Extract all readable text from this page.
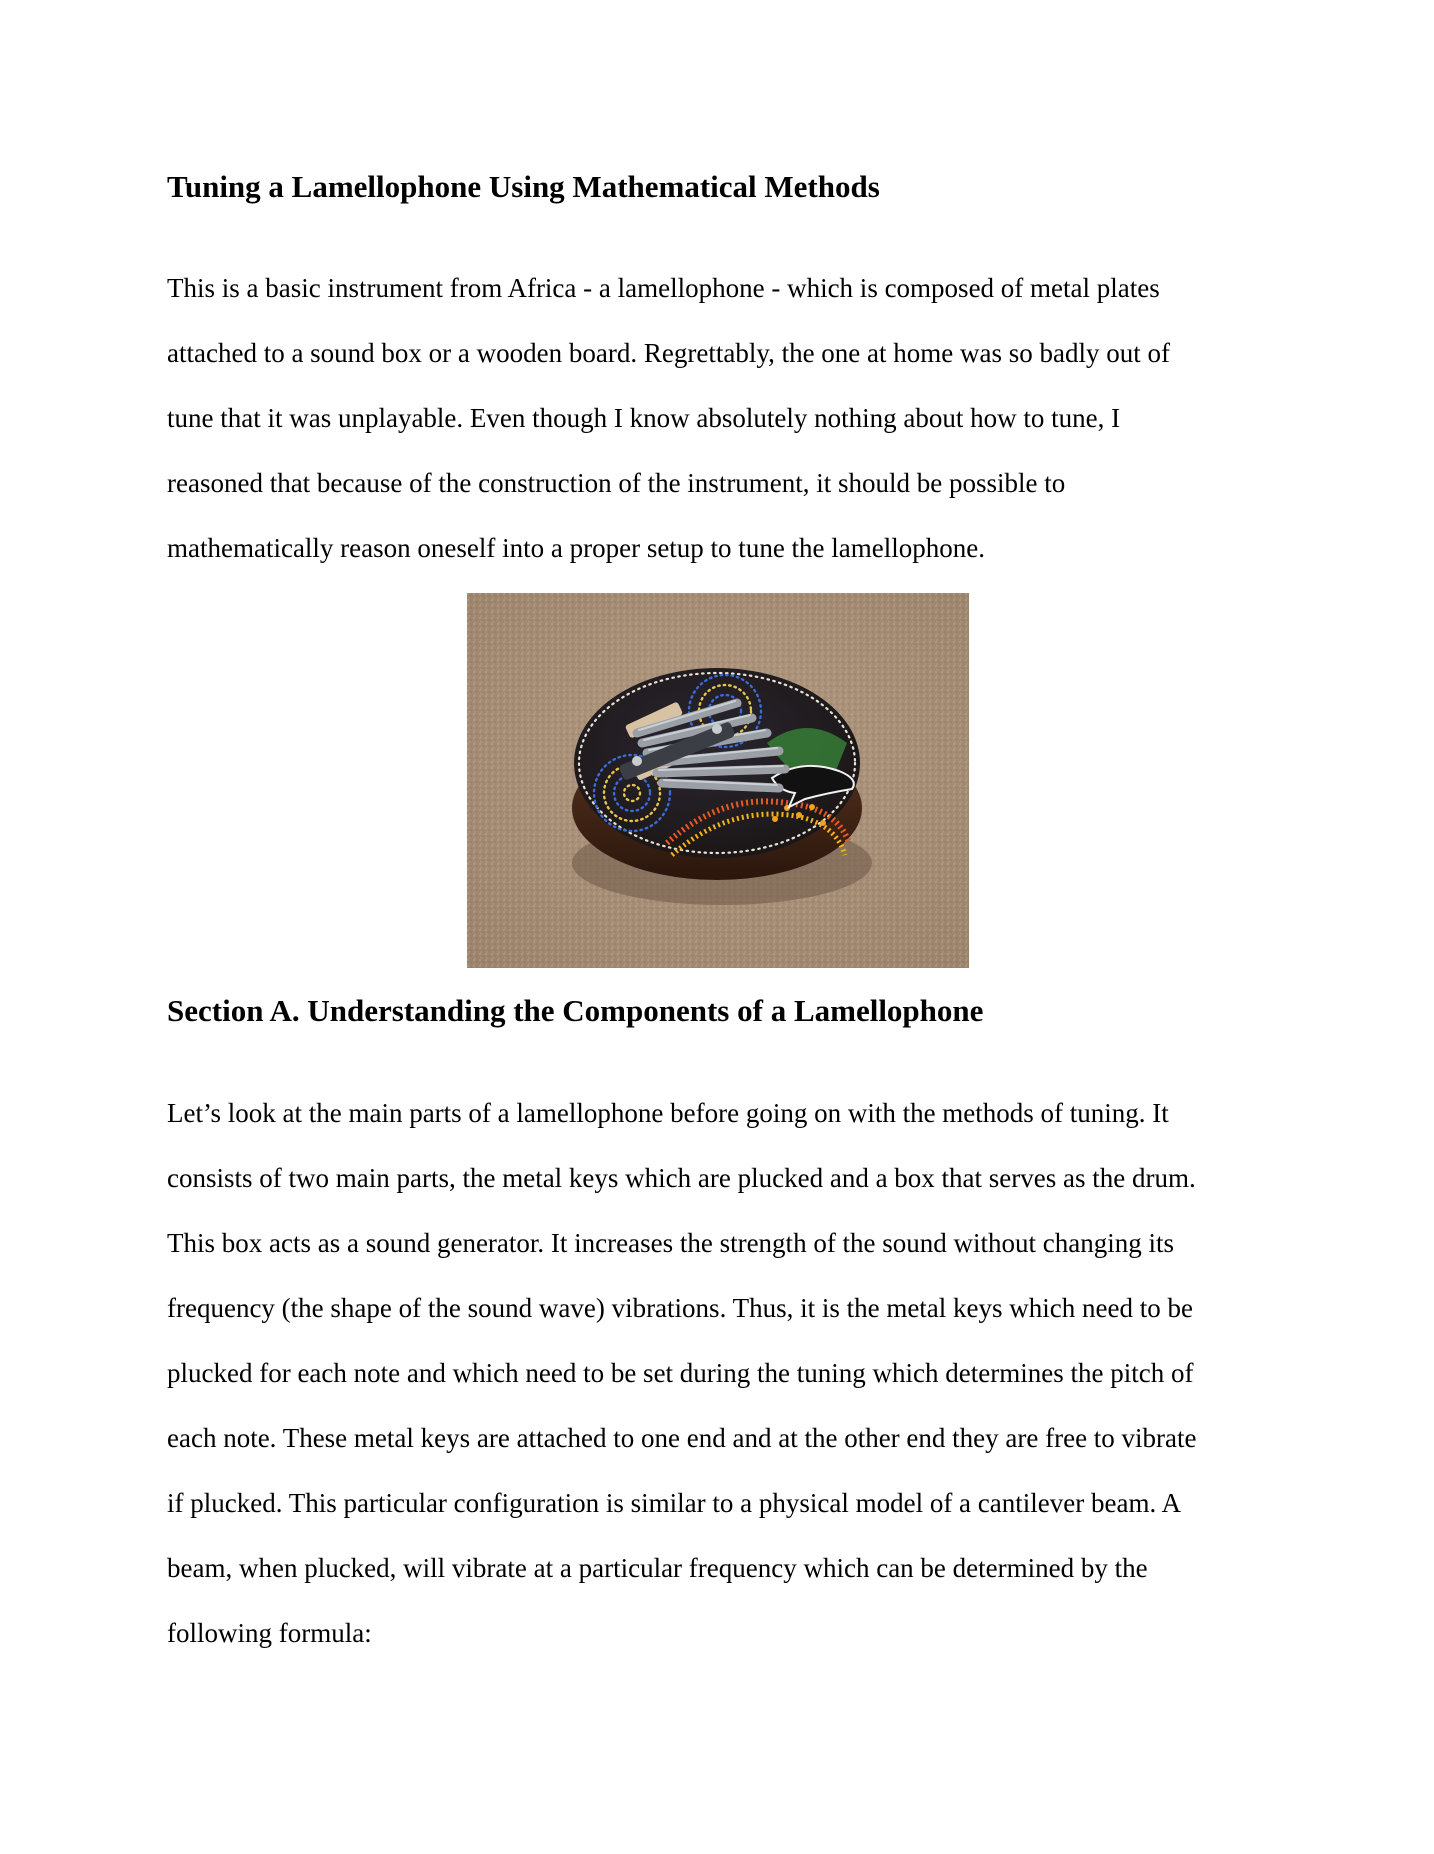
Tuning a Lamellophone Using Mathematical Methods

This is a basic instrument from Africa - a lamellophone - which is composed of metal plates
attached to a sound box or a wooden board. Regrettably, the one at home was so badly out of
tune that it was unplayable. Even though I know absolutely nothing about how to tune, I
reasoned that because of the construction of the instrument, it should be possible to
mathematically reason oneself into a proper setup to tune the lamellophone.

Section A. Understanding the Components of a Lamellophone

Let’s look at the main parts of a lamellophone before going on with the methods of tuning. It
consists of two main parts, the metal keys which are plucked and a box that serves as the drum.
This box acts as a sound generator. It increases the strength of the sound without changing its
frequency (the shape of the sound wave) vibrations. Thus, it is the metal keys which need to be
plucked for each note and which need to be set during the tuning which determines the pitch of
each note. These metal keys are attached to one end and at the other end they are free to vibrate
if plucked. This particular configuration is similar to a physical model of a cantilever beam. A
beam, when plucked, will vibrate at a particular frequency which can be determined by the
following formula:
